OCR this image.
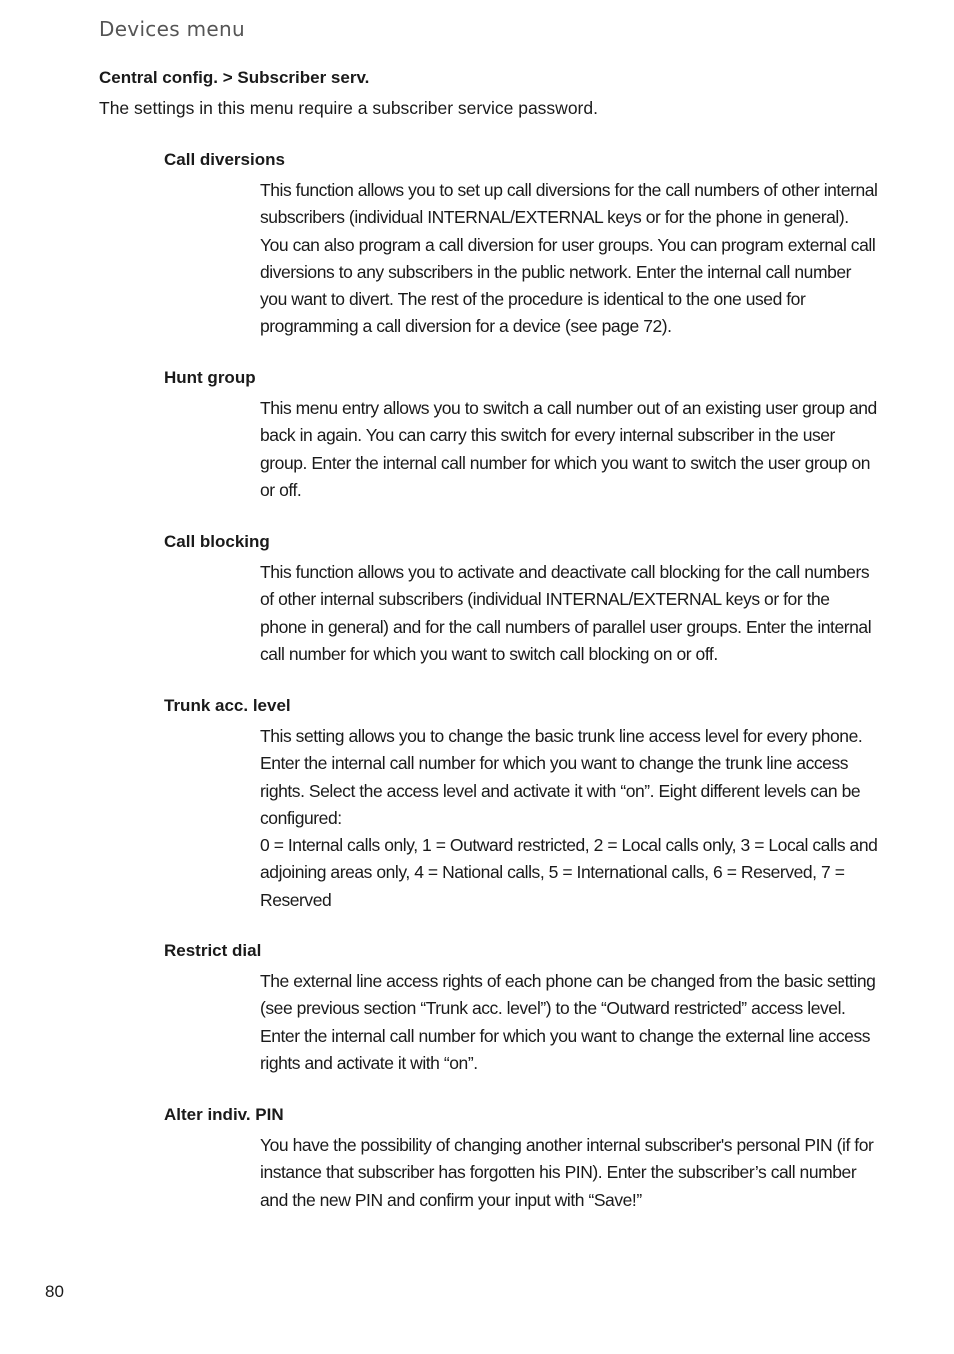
Devices menu
Central config. > Subscriber serv.
The settings in this menu require a subscriber service password.
Call diversions

This function allows you to set up call diversions for the call numbers of other internal subscribers (individual INTERNAL/EXTERNAL keys or for the phone in general). You can also program a call diversion for user groups. You can program external call diversions to any subscribers in the public network. Enter the internal call number you want to divert. The rest of the procedure is identical to the one used for programming a call diversion for a device (see page 72).

Hunt group

This menu entry allows you to switch a call number out of an existing user group and back in again. You can carry this switch for every internal subscriber in the user group. Enter the internal call number for which you want to switch the user group on or off.

Call blocking

This function allows you to activate and deactivate call blocking for the call numbers of other internal subscribers (individual INTERNAL/EXTERNAL keys or for the phone in general) and for the call numbers of parallel user groups. Enter the internal call number for which you want to switch call blocking on or off.

Trunk acc. level

This setting allows you to change the basic trunk line access level for every phone. Enter the internal call number for which you want to change the trunk line access rights. Select the access level and activate it with “on”. Eight different levels can be configured:

0 = Internal calls only, 1 = Outward restricted, 2 = Local calls only, 3 = Local calls and adjoining areas only, 4 = National calls, 5 = International calls, 6 = Reserved, 7 = Reserved

Restrict dial

The external line access rights of each phone can be changed from the basic setting (see previous section “Trunk acc. level”) to the “Outward restricted” access level. Enter the internal call number for which you want to change the external line access rights and activate it with “on”.

Alter indiv. PIN

You have the possibility of changing another internal subscriber's personal PIN (if for instance that subscriber has forgotten his PIN). Enter the subscriber’s call number and the new PIN and confirm your input with “Save!”

80
